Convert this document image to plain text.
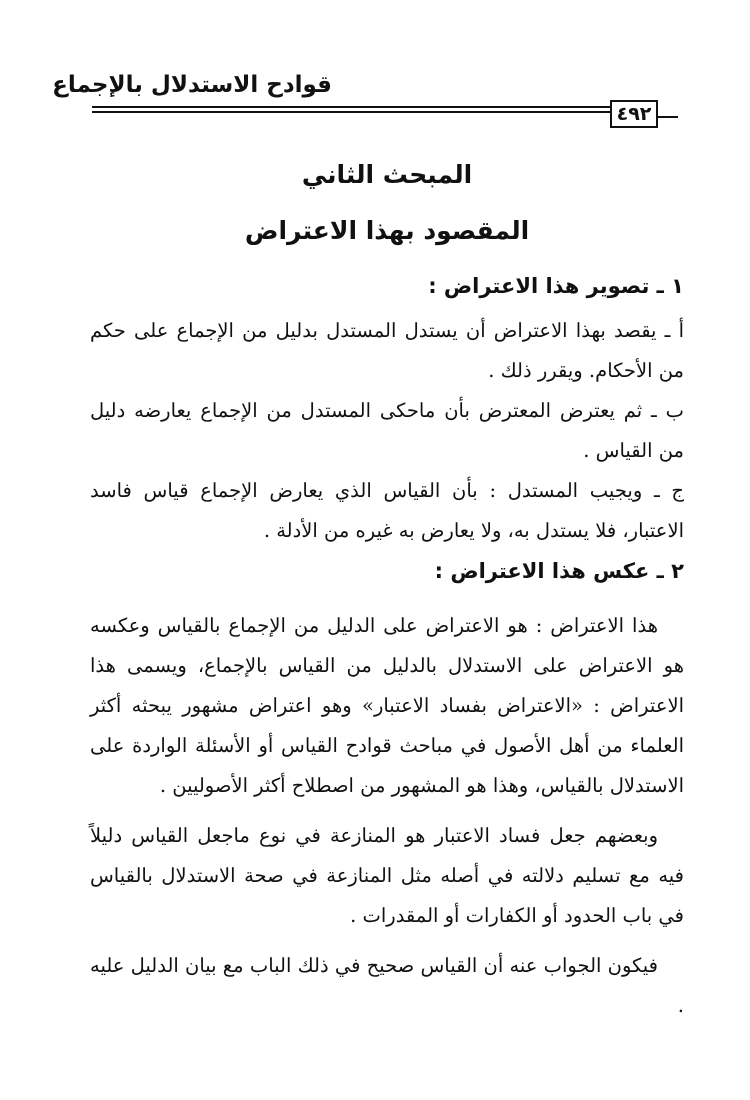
قوادح الاستدلال بالإجماع
٤٩٢
المبحث الثاني
المقصود بهذا الاعتراض
١ ـ تصوير هذا الاعتراض :

أ ـ يقصد بهذا الاعتراض أن يستدل المستدل بدليل من الإجماع على حكم من الأحكام. ويقرر ذلك .

ب ـ ثم يعترض المعترض بأن ماحكى المستدل من الإجماع يعارضه دليل من القياس .

ج ـ ويجيب المستدل : بأن القياس الذي يعارض الإجماع قياس فاسد الاعتبار، فلا يستدل به، ولا يعارض به غيره من الأدلة .

٢ ـ عكس هذا الاعتراض :

هذا الاعتراض : هو الاعتراض على الدليل من الإجماع بالقياس وعكسه هو الاعتراض على الاستدلال بالدليل من القياس بالإجماع، ويسمى هذا الاعتراض : «الاعتراض بفساد الاعتبار» وهو اعتراض مشهور يبحثه أكثر العلماء من أهل الأصول في مباحث قوادح القياس أو الأسئلة الواردة على الاستدلال بالقياس، وهذا هو المشهور من اصطلاح أكثر الأصوليين .

وبعضهم جعل فساد الاعتبار هو المنازعة في نوع ماجعل القياس دليلاً فيه مع تسليم دلالته في أصله مثل المنازعة في صحة الاستدلال بالقياس في باب الحدود أو الكفارات أو المقدرات .

فيكون الجواب عنه أن القياس صحيح في ذلك الباب مع بيان الدليل عليه .
